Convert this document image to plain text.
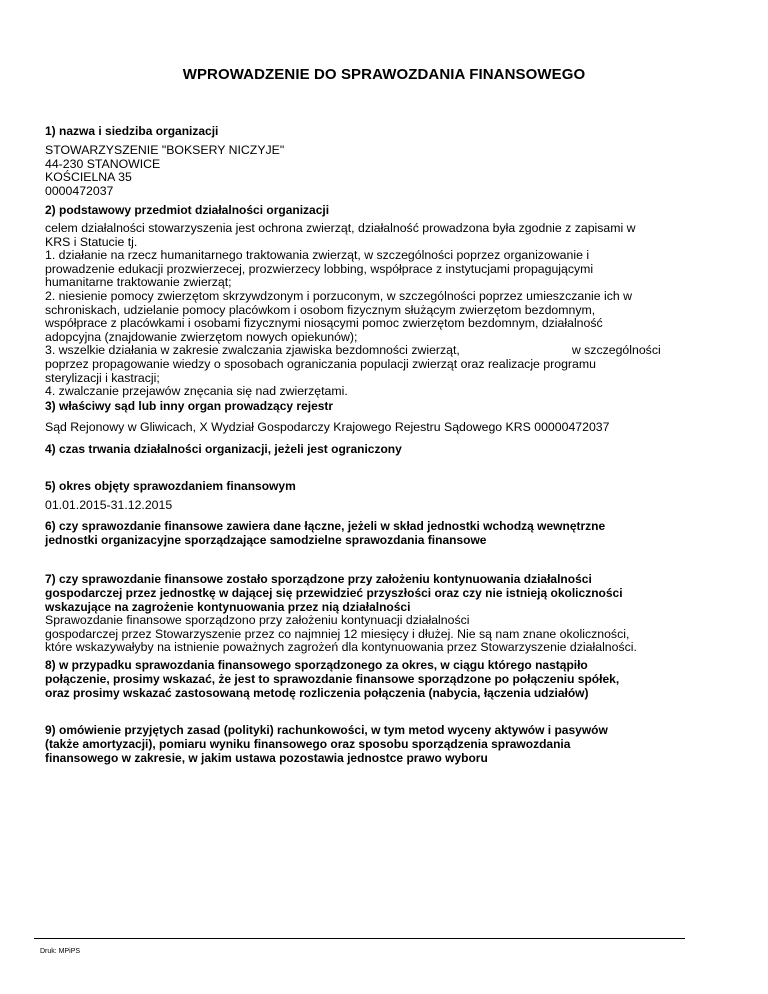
WPROWADZENIE DO SPRAWOZDANIA FINANSOWEGO

1) nazwa i siedziba organizacji

STOWARZYSZENIE "BOKSERY NICZYJE"

44-230 STANOWICE

KOŚCIELNA 35

0000472037

2) podstawowy przedmiot działalności organizacji

celem działalności stowarzyszenia jest ochrona zwierząt, działalność prowadzona była zgodnie z zapisami w

KRS i Statucie tj.

1. działanie na rzecz humanitarnego traktowania zwierząt, w szczególności poprzez organizowanie i

prowadzenie edukacji prozwierzecej, prozwierzecy lobbing, współprace z instytucjami propagującymi

humanitarne traktowanie zwierząt;

2. niesienie pomocy zwierzętom skrzywdzonym i porzuconym, w szczególności poprzez umieszczanie ich w

schroniskach, udzielanie pomocy placówkom i osobom fizycznym służącym zwierzętom bezdomnym,

współprace z placówkami i osobami fizycznymi niosącymi pomoc zwierzętom bezdomnym, działalność

adopcyjna (znajdowanie zwierzętom nowych opiekunów);

3. wszelkie działania w zakresie zwalczania zjawiska bezdomności zwierząt,	w szczególności

poprzez propagowanie wiedzy o sposobach ograniczania populacji zwierząt oraz realizacje programu

sterylizacji i kastracji;

4. zwalczanie przejawów znęcania się nad zwierzętami.

3) właściwy sąd lub inny organ prowadzący rejestr

Sąd Rejonowy w Gliwicach, X Wydział Gospodarczy Krajowego Rejestru Sądowego KRS 00000472037

4) czas trwania działalności organizacji, jeżeli jest ograniczony

5) okres objęty sprawozdaniem finansowym

01.01.2015-31.12.2015

6) czy sprawozdanie finansowe zawiera dane łączne, jeżeli w skład jednostki wchodzą wewnętrzne

jednostki organizacyjne sporządzające samodzielne sprawozdania finansowe

7) czy sprawozdanie finansowe zostało sporządzone przy założeniu kontynuowania działalności

gospodarczej przez jednostkę w dającej się przewidzieć przyszłości oraz czy nie istnieją okoliczności

wskazujące na zagrożenie kontynuowania przez nią działalności

Sprawozdanie finansowe sporządzono przy założeniu kontynuacji działalności

gospodarczej przez Stowarzyszenie przez co najmniej 12 miesięcy i dłużej. Nie są nam znane okoliczności,

które wskazywałyby na istnienie poważnych zagrożeń dla kontynuowania przez Stowarzyszenie działalności.

8) w przypadku sprawozdania finansowego sporządzonego za okres, w ciągu którego nastąpiło

połączenie, prosimy wskazać, że jest to sprawozdanie finansowe sporządzone po połączeniu spółek,

oraz prosimy wskazać zastosowaną metodę rozliczenia połączenia (nabycia, łączenia udziałów)

9) omówienie przyjętych zasad (polityki) rachunkowości, w tym metod wyceny aktywów i pasywów

(także amortyzacji), pomiaru wyniku finansowego oraz sposobu sporządzenia sprawozdania

finansowego w zakresie, w jakim ustawa pozostawia jednostce prawo wyboru

Druk: MPiPS
